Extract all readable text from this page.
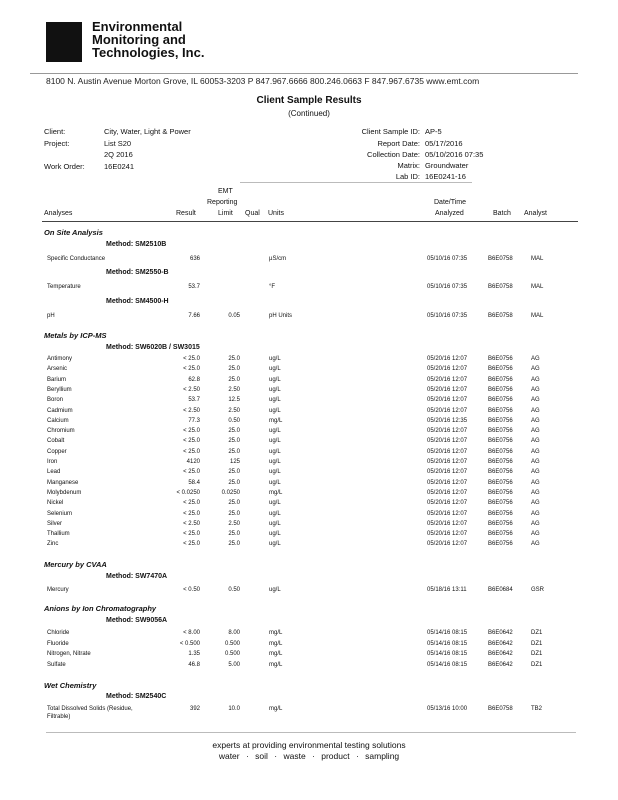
Environmental
Monitoring and
Technologies, Inc.
8100 N. Austin Avenue Morton Grove, IL 60053-3203 P 847.967.6666 800.246.0663 F 847.967.6735 www.emt.com
Client Sample Results
(Continued)
Client:	City, Water, Light & Power
Project:	List S20
2Q 2016
Work Order:	16E0241
Client Sample ID: AP-5
Report Date: 05/17/2016
Collection Date: 05/10/2016 07:35
Matrix: Groundwater
Lab ID: 16E0241-16
EMT
Reporting	Date/Time
Analyses	Result	Limit Qual Units	Analyzed	Batch Analyst
On Site Analysis
Method: SM2510B
Specific Conductance	636	µS/cm	05/10/16 07:35	B6E0758	MAL
Method: SM2550-B
Temperature	53.7	°F	05/10/16 07:35	B6E0758	MAL
Method: SM4500-H
pH	7.66	0.05	pH Units	05/10/16 07:35	B6E0758	MAL
Metals by ICP-MS
Method: SW6020B / SW3015
Antimony	< 25.0	25.0	ug/L	05/20/16 12:07	B6E0756	AG
Arsenic	< 25.0	25.0	ug/L	05/20/16 12:07	B6E0756	AG
Barium	62.8	25.0	ug/L	05/20/16 12:07	B6E0756	AG
Beryllium	< 2.50	2.50	ug/L	05/20/16 12:07	B6E0756	AG
Boron	53.7	12.5	ug/L	05/20/16 12:07	B6E0756	AG
Cadmium	< 2.50	2.50	ug/L	05/20/16 12:07	B6E0756	AG
Calcium	77.3	0.50	mg/L	05/20/16 12:35	B6E0756	AG
Chromium	< 25.0	25.0	ug/L	05/20/16 12:07	B6E0756	AG
Cobalt	< 25.0	25.0	ug/L	05/20/16 12:07	B6E0756	AG
Copper	< 25.0	25.0	ug/L	05/20/16 12:07	B6E0756	AG
Iron	4120	125	ug/L	05/20/16 12:07	B6E0756	AG
Lead	< 25.0	25.0	ug/L	05/20/16 12:07	B6E0756	AG
Manganese	58.4	25.0	ug/L	05/20/16 12:07	B6E0756	AG
Molybdenum	< 0.0250	0.0250	mg/L	05/20/16 12:07	B6E0756	AG
Nickel	< 25.0	25.0	ug/L	05/20/16 12:07	B6E0756	AG
Selenium	< 25.0	25.0	ug/L	05/20/16 12:07	B6E0756	AG
Silver	< 2.50	2.50	ug/L	05/20/16 12:07	B6E0756	AG
Thallium	< 25.0	25.0	ug/L	05/20/16 12:07	B6E0756	AG
Zinc	< 25.0	25.0	ug/L	05/20/16 12:07	B6E0756	AG
Mercury by CVAA
Method: SW7470A
Mercury	< 0.50	0.50	ug/L	05/18/16 13:11	B6E0684	GSR
Anions by Ion Chromatography
Method: SW9056A
Chloride	< 8.00	8.00	mg/L	05/14/16 08:15	B6E0642	DZ1
Fluoride	< 0.500	0.500	mg/L	05/14/16 08:15	B6E0642	DZ1
Nitrogen, Nitrate	1.35	0.500	mg/L	05/14/16 08:15	B6E0642	DZ1
Sulfate	46.8	5.00	mg/L	05/14/16 08:15	B6E0642	DZ1
Wet Chemistry
Method: SM2540C
Total Dissolved Solids (Residue,	392	10.0	mg/L	05/13/16 10:00	B6E0758	TB2
Filtrable)
experts at providing environmental testing solutions
water · soil · waste · product · sampling
